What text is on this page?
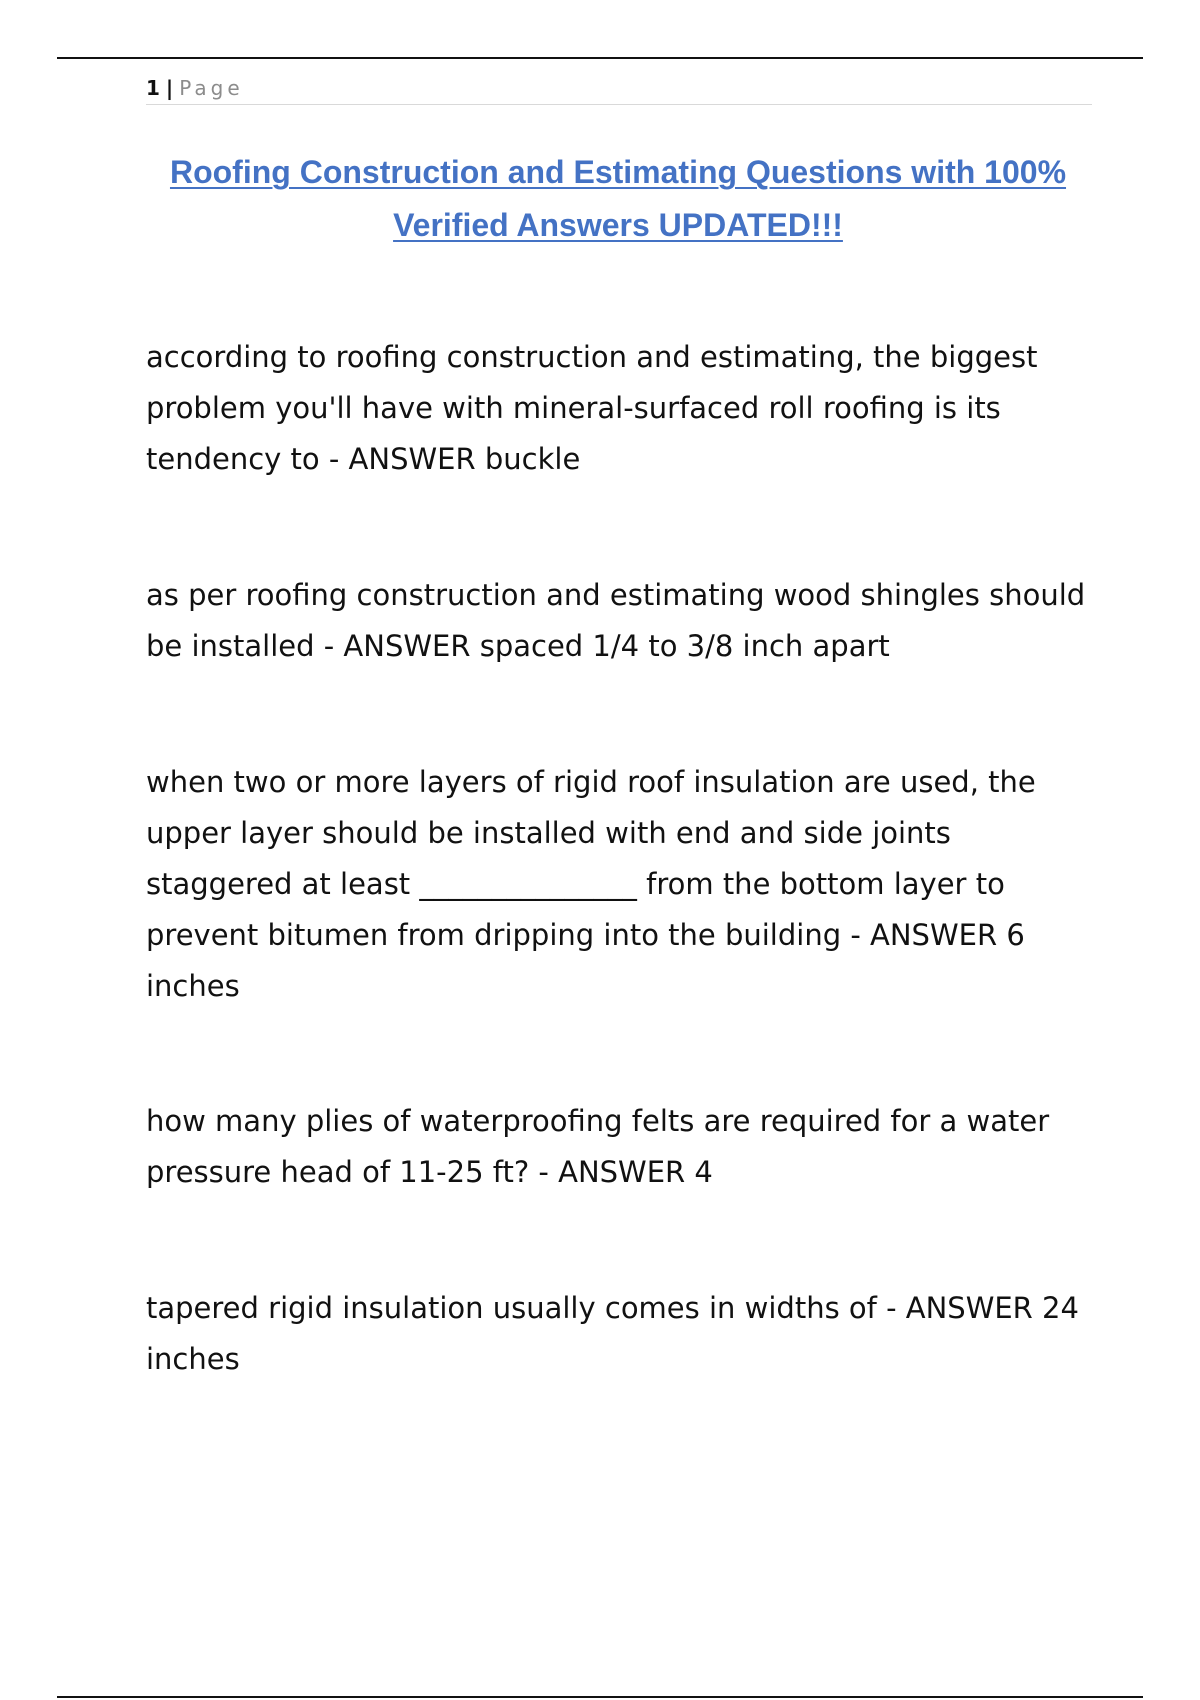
1 | Page
Roofing Construction and Estimating Questions with 100% Verified Answers UPDATED!!!

according to roofing construction and estimating, the biggest problem you'll have with mineral-surfaced roll roofing is its tendency to - ANSWER buckle

as per roofing construction and estimating wood shingles should be installed - ANSWER spaced 1/4 to 3/8 inch apart

when two or more layers of rigid roof insulation are used, the upper layer should be installed with end and side joints staggered at least _______________ from the bottom layer to prevent bitumen from dripping into the building - ANSWER 6 inches

how many plies of waterproofing felts are required for a water pressure head of 11-25 ft? - ANSWER 4

tapered rigid insulation usually comes in widths of - ANSWER 24 inches
